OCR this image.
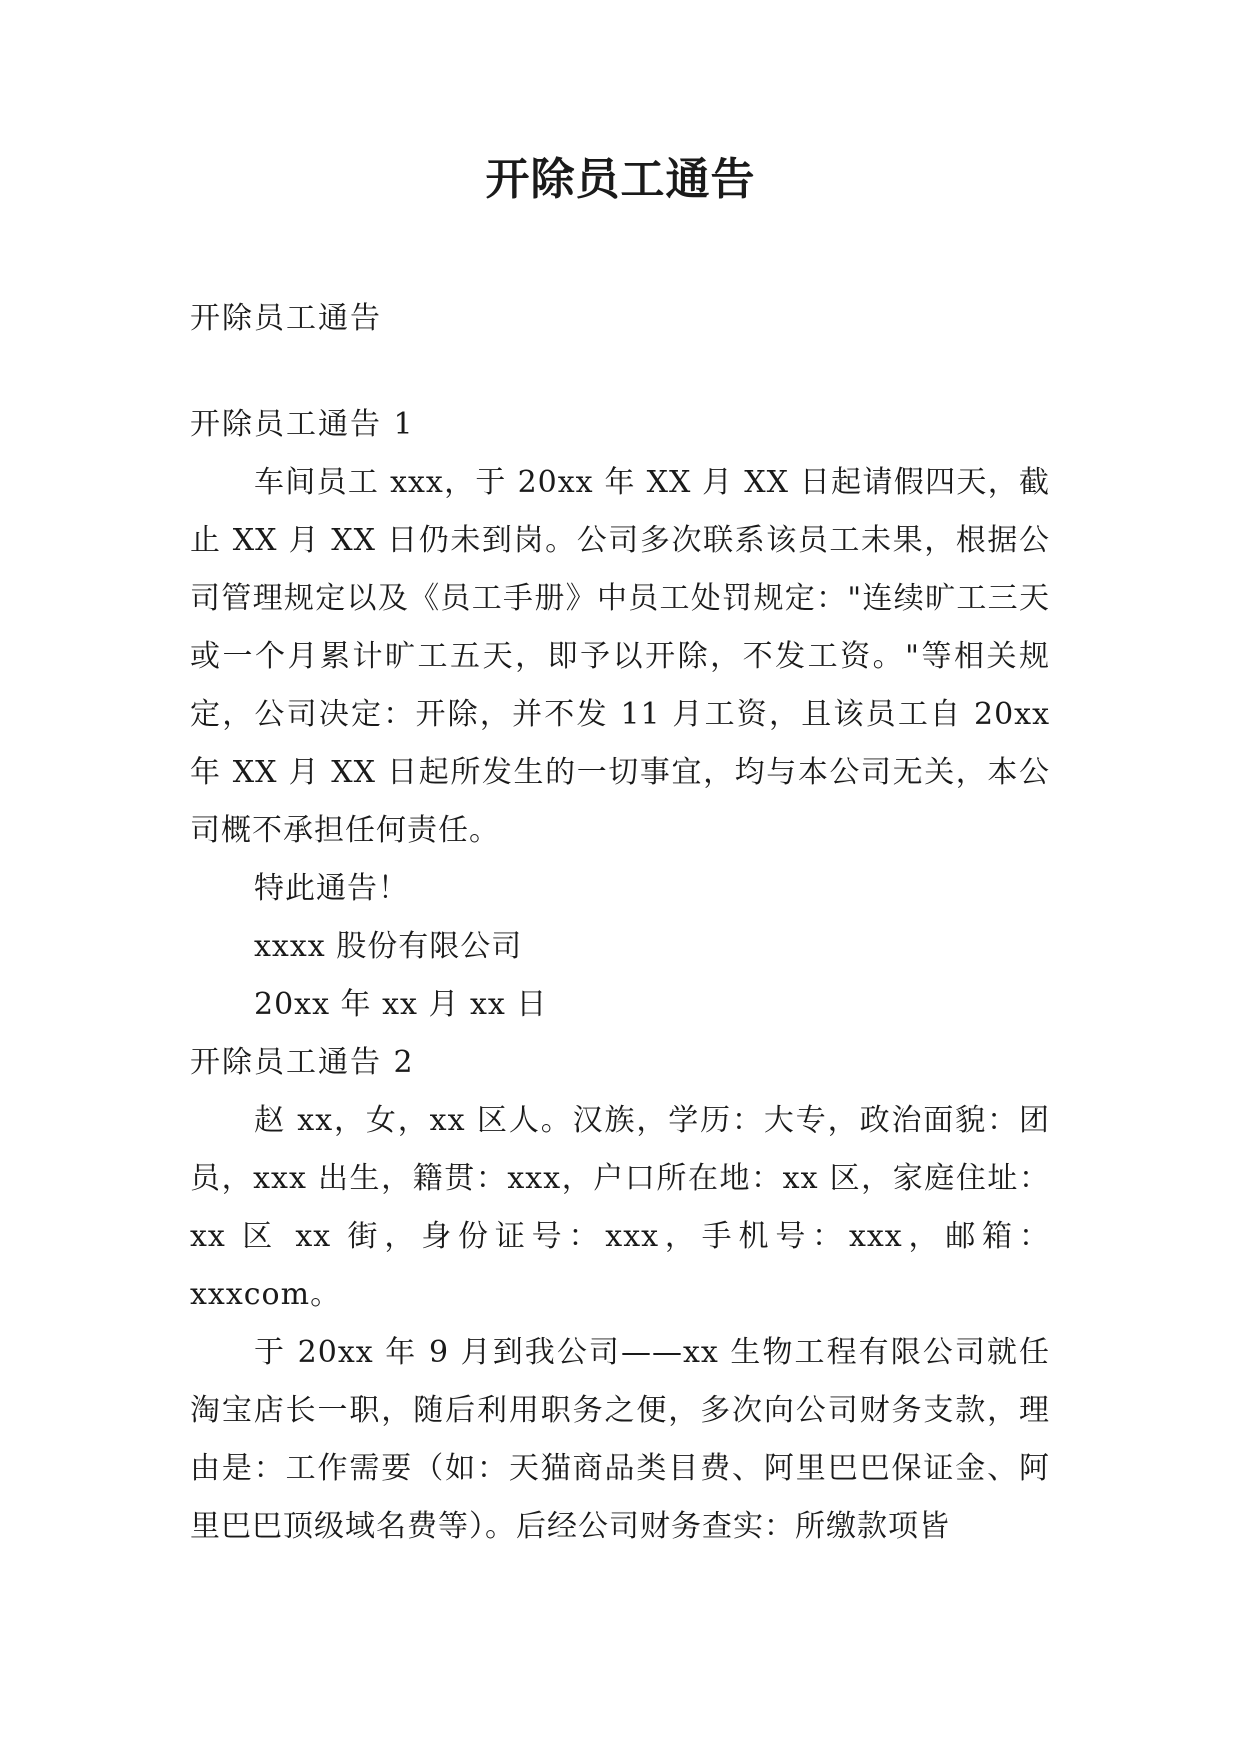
开除员工通告

开除员工通告

开除员工通告 1

车间员工 xxx，于 20xx 年 XX 月 XX 日起请假四天，截止 XX 月 XX 日仍未到岗。公司多次联系该员工未果，根据公司管理规定以及《员工手册》中员工处罚规定："连续旷工三天或一个月累计旷工五天，即予以开除，不发工资。"等相关规定，公司决定：开除，并不发 11 月工资，且该员工自 20xx 年 XX 月 XX 日起所发生的一切事宜，均与本公司无关，本公司概不承担任何责任。

特此通告！

xxxx 股份有限公司

20xx 年 xx 月 xx 日

开除员工通告 2

赵 xx，女，xx 区人。汉族，学历：大专，政治面貌：团员，xxx 出生，籍贯：xxx，户口所在地：xx 区，家庭住址：xx 区 xx 街，身份证号：xxx，手机号：xxx，邮箱：xxxcom。

于 20xx 年 9 月到我公司——xx 生物工程有限公司就任淘宝店长一职，随后利用职务之便，多次向公司财务支款，理由是：工作需要（如：天猫商品类目费、阿里巴巴保证金、阿里巴巴顶级域名费等）。后经公司财务查实：所缴款项皆
